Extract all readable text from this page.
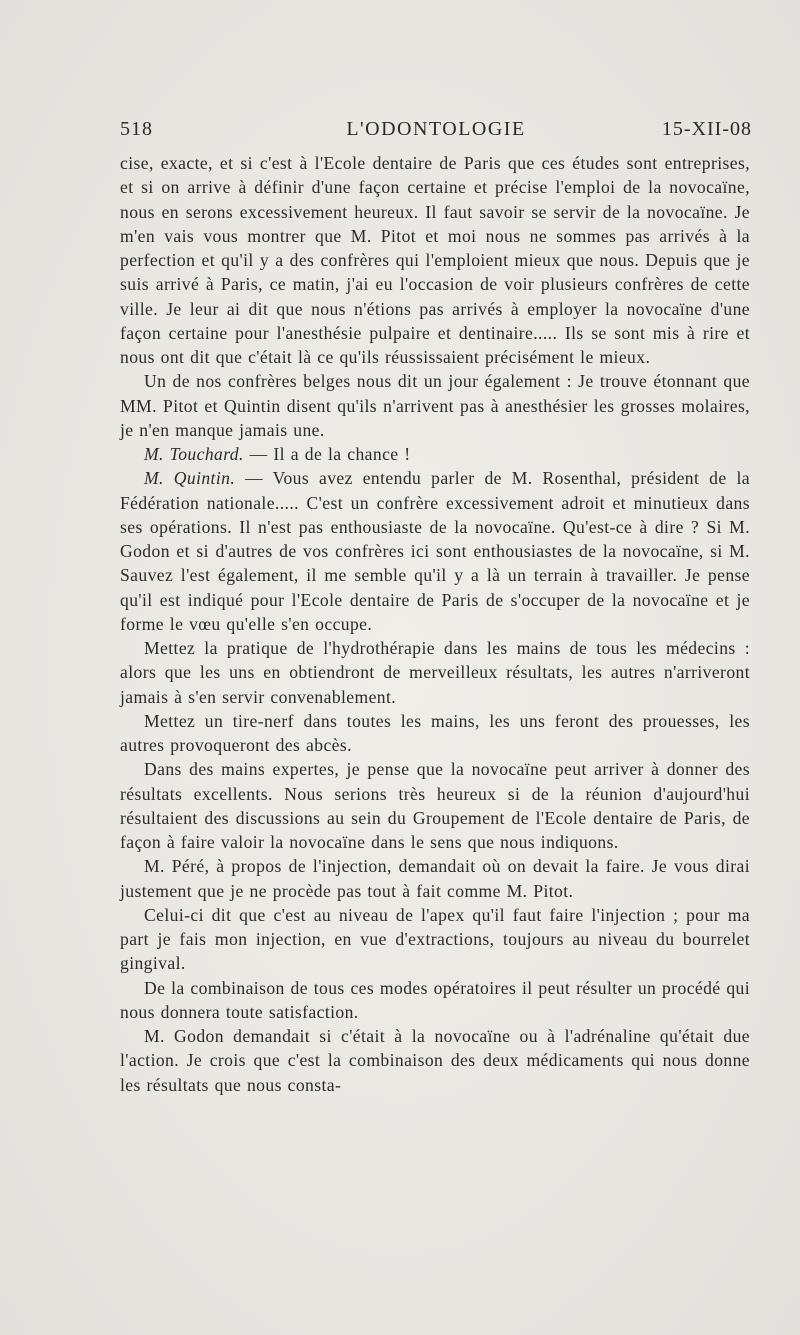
518	L'ODONTOLOGIE	15-XII-08

cise, exacte, et si c'est à l'Ecole dentaire de Paris que ces études sont entreprises, et si on arrive à définir d'une façon certaine et précise l'emploi de la novocaïne, nous en serons excessivement heureux. Il faut savoir se servir de la novocaïne. Je m'en vais vous montrer que M. Pitot et moi nous ne sommes pas arrivés à la perfection et qu'il y a des confrères qui l'emploient mieux que nous. Depuis que je suis arrivé à Paris, ce matin, j'ai eu l'occasion de voir plusieurs confrères de cette ville. Je leur ai dit que nous n'étions pas arrivés à employer la novocaïne d'une façon certaine pour l'anesthésie pulpaire et dentinaire..... Ils se sont mis à rire et nous ont dit que c'était là ce qu'ils réussissaient précisément le mieux.

Un de nos confrères belges nous dit un jour également : Je trouve étonnant que MM. Pitot et Quintin disent qu'ils n'arrivent pas à anesthésier les grosses molaires, je n'en manque jamais une.

M. Touchard. — Il a de la chance !

M. Quintin. — Vous avez entendu parler de M. Rosenthal, président de la Fédération nationale..... C'est un confrère excessivement adroit et minutieux dans ses opérations. Il n'est pas enthousiaste de la novocaïne. Qu'est-ce à dire ? Si M. Godon et si d'autres de vos confrères ici sont enthousiastes de la novocaïne, si M. Sauvez l'est également, il me semble qu'il y a là un terrain à travailler. Je pense qu'il est indiqué pour l'Ecole dentaire de Paris de s'occuper de la novocaïne et je forme le vœu qu'elle s'en occupe.

Mettez la pratique de l'hydrothérapie dans les mains de tous les médecins : alors que les uns en obtiendront de merveilleux résultats, les autres n'arriveront jamais à s'en servir convenablement.

Mettez un tire-nerf dans toutes les mains, les uns feront des prouesses, les autres provoqueront des abcès.

Dans des mains expertes, je pense que la novocaïne peut arriver à donner des résultats excellents. Nous serions très heureux si de la réunion d'aujourd'hui résultaient des discussions au sein du Groupement de l'Ecole dentaire de Paris, de façon à faire valoir la novocaïne dans le sens que nous indiquons.

M. Péré, à propos de l'injection, demandait où on devait la faire. Je vous dirai justement que je ne procède pas tout à fait comme M. Pitot.

Celui-ci dit que c'est au niveau de l'apex qu'il faut faire l'injection ; pour ma part je fais mon injection, en vue d'extractions, toujours au niveau du bourrelet gingival.

De la combinaison de tous ces modes opératoires il peut résulter un procédé qui nous donnera toute satisfaction.

M. Godon demandait si c'était à la novocaïne ou à l'adrénaline qu'était due l'action. Je crois que c'est la combinaison des deux médicaments qui nous donne les résultats que nous consta-
